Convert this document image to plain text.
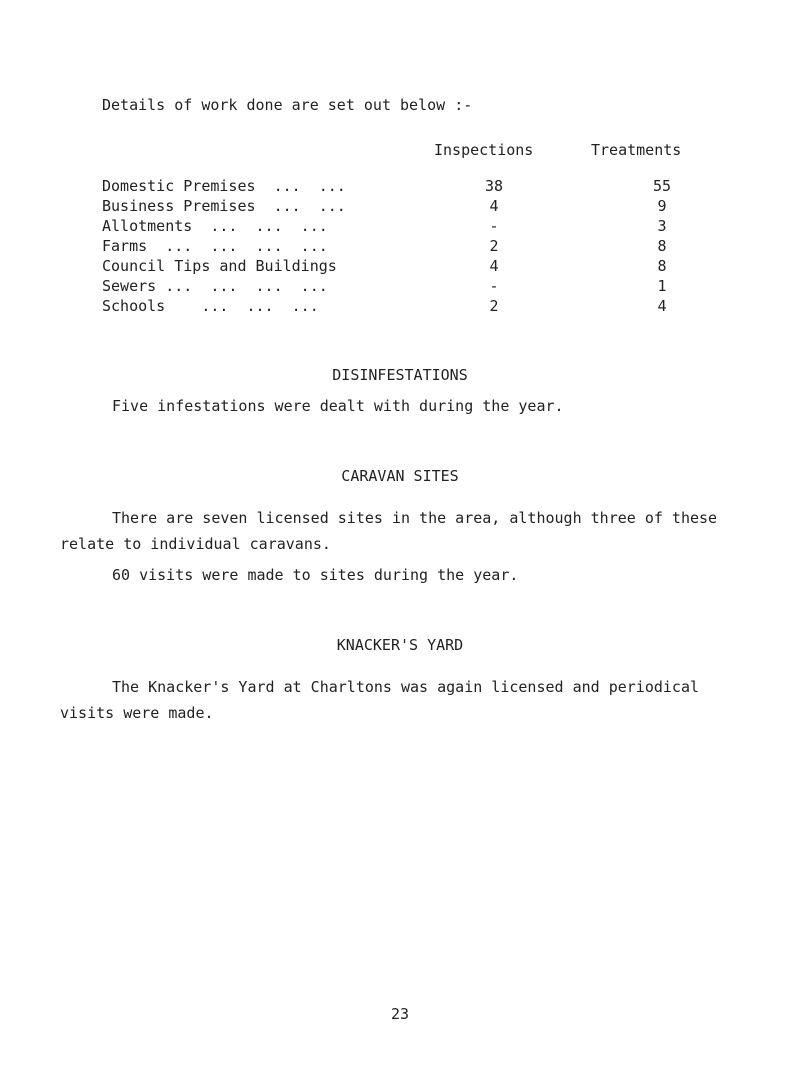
Details of work done are set out below :-
Inspections	Treatments
Domestic Premises  ...  ...	38	55
Business Premises  ...  ...	4	9
Allotments  ...  ...  ...	-	3
Farms  ...  ...  ...  ...	2	8
Council Tips and Buildings	4	8
Sewers ...  ...  ...  ...	-	1
Schools    ...  ...  ...	2	4
DISINFESTATIONS
Five infestations were dealt with during the year.
CARAVAN SITES
There are seven licensed sites in the area, although three of these relate to individual caravans.
60 visits were made to sites during the year.
KNACKER'S YARD
The Knacker's Yard at Charltons was again licensed and periodical visits were made.
23
